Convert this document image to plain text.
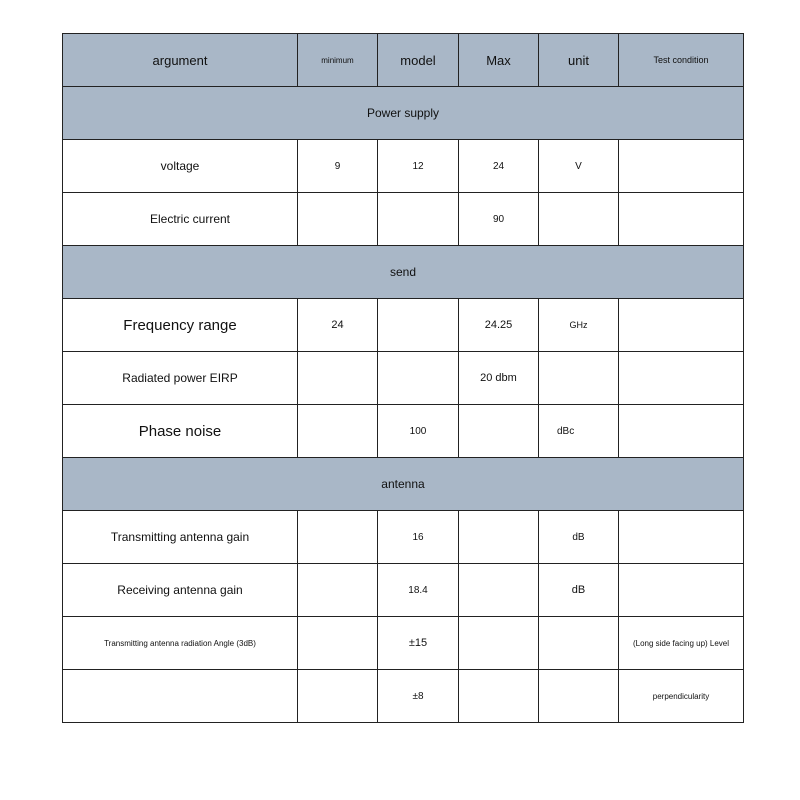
argument	minimum	model	Max	unit	Test condition
Power supply					
voltage	9	12	24	V	
Electric current			90		
send					
Frequency range	24		24.25	GHz	
Radiated power EIRP			20 dbm		
Phase noise		100		dBc	
antenna					
Transmitting antenna gain		16		dB	
Receiving antenna gain		18.4		dB	
Transmitting antenna radiation Angle (3dB)		±15			(Long side facing up) Level
		±8			perpendicularity
